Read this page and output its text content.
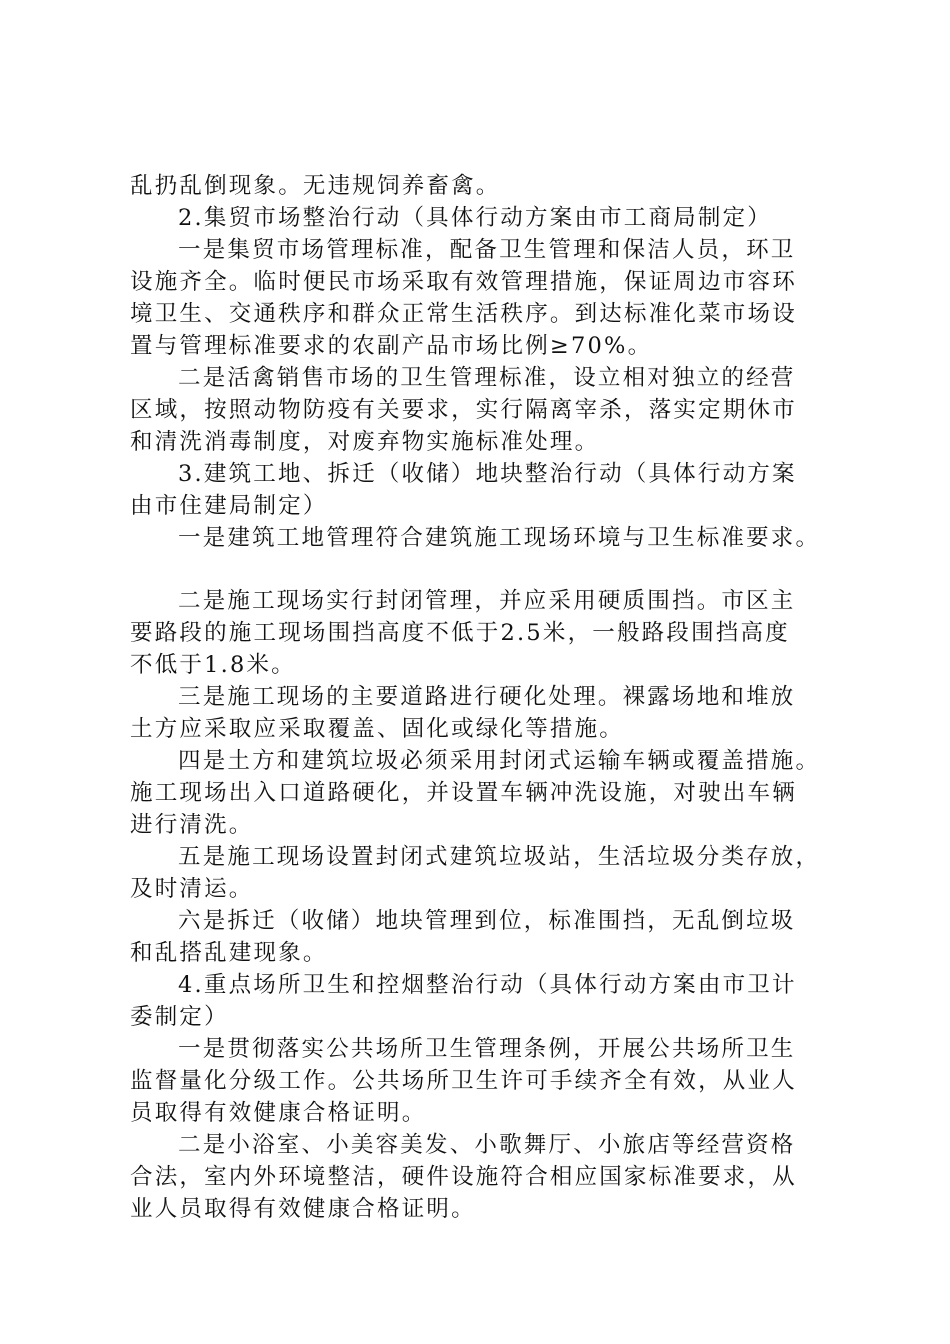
乱扔乱倒现象。无违规饲养畜禽。
2.集贸市场整治行动（具体行动方案由市工商局制定）
一是集贸市场管理标准，配备卫生管理和保洁人员，环卫
设施齐全。临时便民市场采取有效管理措施，保证周边市容环
境卫生、交通秩序和群众正常生活秩序。到达标准化菜市场设
置与管理标准要求的农副产品市场比例≥70%。
二是活禽销售市场的卫生管理标准，设立相对独立的经营
区域，按照动物防疫有关要求，实行隔离宰杀，落实定期休市
和清洗消毒制度，对废弃物实施标准处理。
3.建筑工地、拆迁（收储）地块整治行动（具体行动方案
由市住建局制定）
一是建筑工地管理符合建筑施工现场环境与卫生标准要求。
二是施工现场实行封闭管理，并应采用硬质围挡。市区主
要路段的施工现场围挡高度不低于2.5米，一般路段围挡高度
不低于1.8米。
三是施工现场的主要道路进行硬化处理。裸露场地和堆放
土方应采取应采取覆盖、固化或绿化等措施。
四是土方和建筑垃圾必须采用封闭式运输车辆或覆盖措施。
施工现场出入口道路硬化，并设置车辆冲洗设施，对驶出车辆
进行清洗。
五是施工现场设置封闭式建筑垃圾站，生活垃圾分类存放，
及时清运。
六是拆迁（收储）地块管理到位，标准围挡，无乱倒垃圾
和乱搭乱建现象。
4.重点场所卫生和控烟整治行动（具体行动方案由市卫计
委制定）
一是贯彻落实公共场所卫生管理条例，开展公共场所卫生
监督量化分级工作。公共场所卫生许可手续齐全有效，从业人
员取得有效健康合格证明。
二是小浴室、小美容美发、小歌舞厅、小旅店等经营资格
合法，室内外环境整洁，硬件设施符合相应国家标准要求，从
业人员取得有效健康合格证明。
